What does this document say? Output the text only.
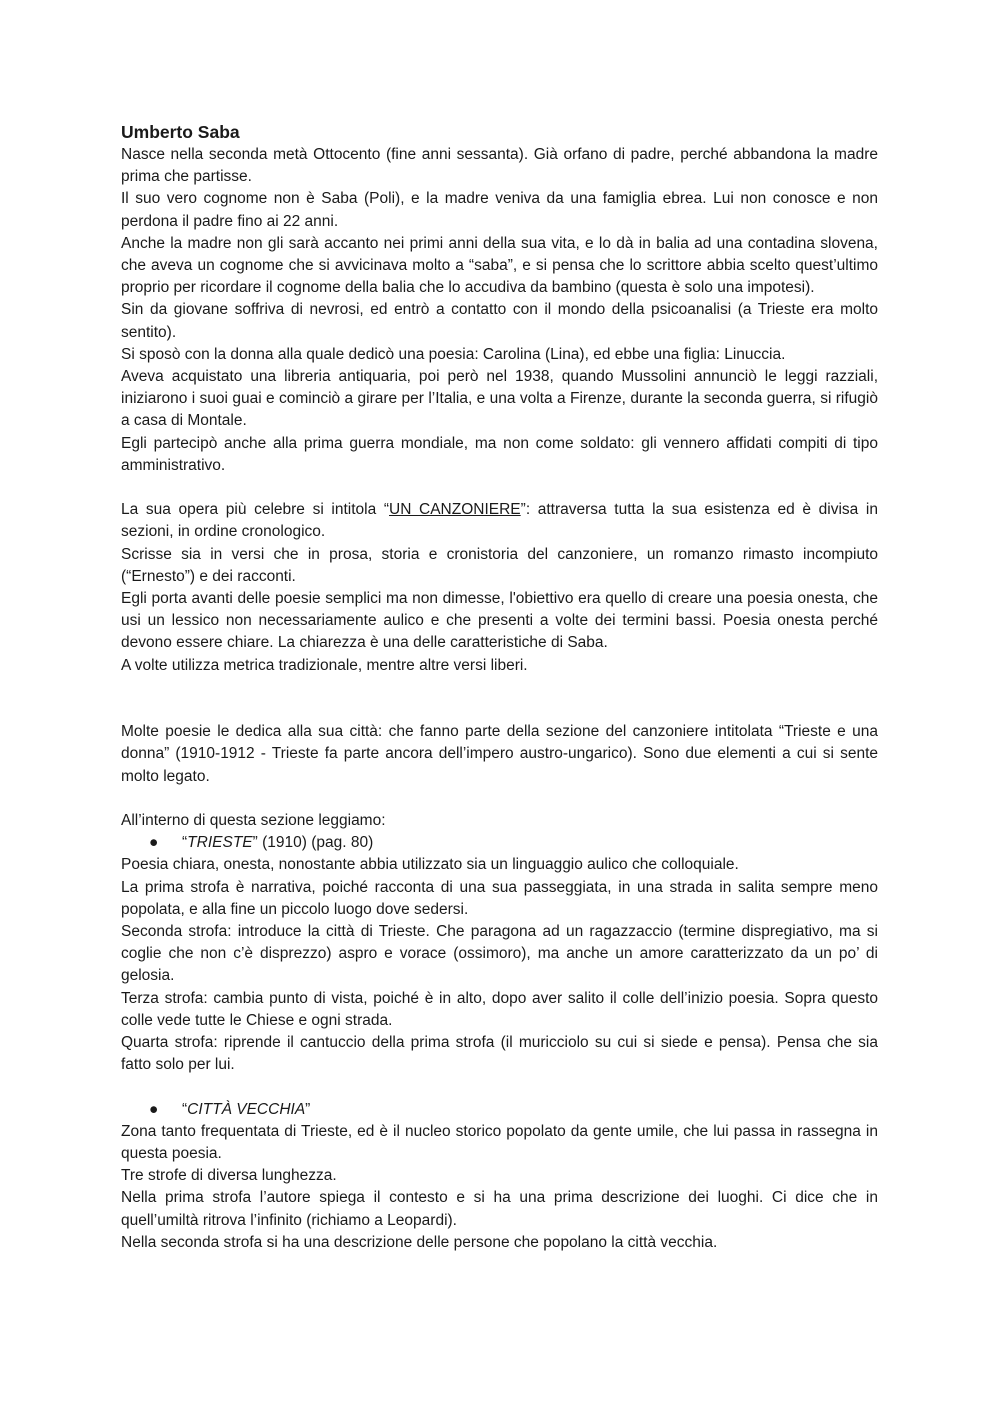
Umberto Saba

Nasce nella seconda metà Ottocento (fine anni sessanta). Già orfano di padre, perché abbandona la madre prima che partisse.

Il suo vero cognome non è Saba (Poli), e la madre veniva da una famiglia ebrea. Lui non conosce e non perdona il padre fino ai 22 anni.

Anche la madre non gli sarà accanto nei primi anni della sua vita, e lo dà in balia ad una contadina slovena, che aveva un cognome che si avvicinava molto a “saba”, e si pensa che lo scrittore abbia scelto quest’ultimo proprio per ricordare il cognome della balia che lo accudiva da bambino (questa è solo una impotesi).

Sin da giovane soffriva di nevrosi, ed entrò a contatto con il mondo della psicoanalisi (a Trieste era molto sentito).

Si sposò con la donna alla quale dedicò una poesia: Carolina (Lina), ed ebbe una figlia: Linuccia.

Aveva acquistato una libreria antiquaria, poi però nel 1938, quando Mussolini annunciò le leggi razziali, iniziarono i suoi guai e cominciò a girare per l’Italia, e una volta a Firenze, durante la seconda guerra, si rifugiò a casa di Montale.

Egli partecipò anche alla prima guerra mondiale, ma non come soldato: gli vennero affidati compiti di tipo amministrativo.

La sua opera più celebre si intitola “UN CANZONIERE”: attraversa tutta la sua esistenza ed è divisa in sezioni, in ordine cronologico.

Scrisse sia in versi che in prosa, storia e cronistoria del canzoniere, un romanzo rimasto incompiuto (“Ernesto”) e dei racconti.

Egli porta avanti delle poesie semplici ma non dimesse, l'obiettivo era quello di creare una poesia onesta, che usi un lessico non necessariamente aulico e che presenti a volte dei termini bassi. Poesia onesta perché devono essere chiare. La chiarezza è una delle caratteristiche di Saba.

A volte utilizza metrica tradizionale, mentre altre versi liberi.

Molte poesie le dedica alla sua città: che fanno parte della sezione del canzoniere intitolata “Trieste e una donna” (1910-1912 - Trieste fa parte ancora dell’impero austro-ungarico). Sono due elementi a cui si sente molto legato.

All’interno di questa sezione leggiamo:

● “TRIESTE” (1910) (pag. 80)

Poesia chiara, onesta, nonostante abbia utilizzato sia un linguaggio aulico che colloquiale.

La prima strofa è narrativa, poiché racconta di una sua passeggiata, in una strada in salita sempre meno popolata, e alla fine un piccolo luogo dove sedersi.

Seconda strofa: introduce la città di Trieste. Che paragona ad un ragazzaccio (termine dispregiativo, ma si coglie che non c’è disprezzo) aspro e vorace (ossimoro), ma anche un amore caratterizzato da un po’ di gelosia.

Terza strofa: cambia punto di vista, poiché è in alto, dopo aver salito il colle dell’inizio poesia. Sopra questo colle vede tutte le Chiese e ogni strada.

Quarta strofa: riprende il cantuccio della prima strofa (il muricciolo su cui si siede e pensa). Pensa che sia fatto solo per lui.

● “CITTÀ VECCHIA”

Zona tanto frequentata di Trieste, ed è il nucleo storico popolato da gente umile, che lui passa in rassegna in questa poesia.

Tre strofe di diversa lunghezza.

Nella prima strofa l’autore spiega il contesto e si ha una prima descrizione dei luoghi. Ci dice che in quell’umiltà ritrova l’infinito (richiamo a Leopardi).

Nella seconda strofa si ha una descrizione delle persone che popolano la città vecchia.
